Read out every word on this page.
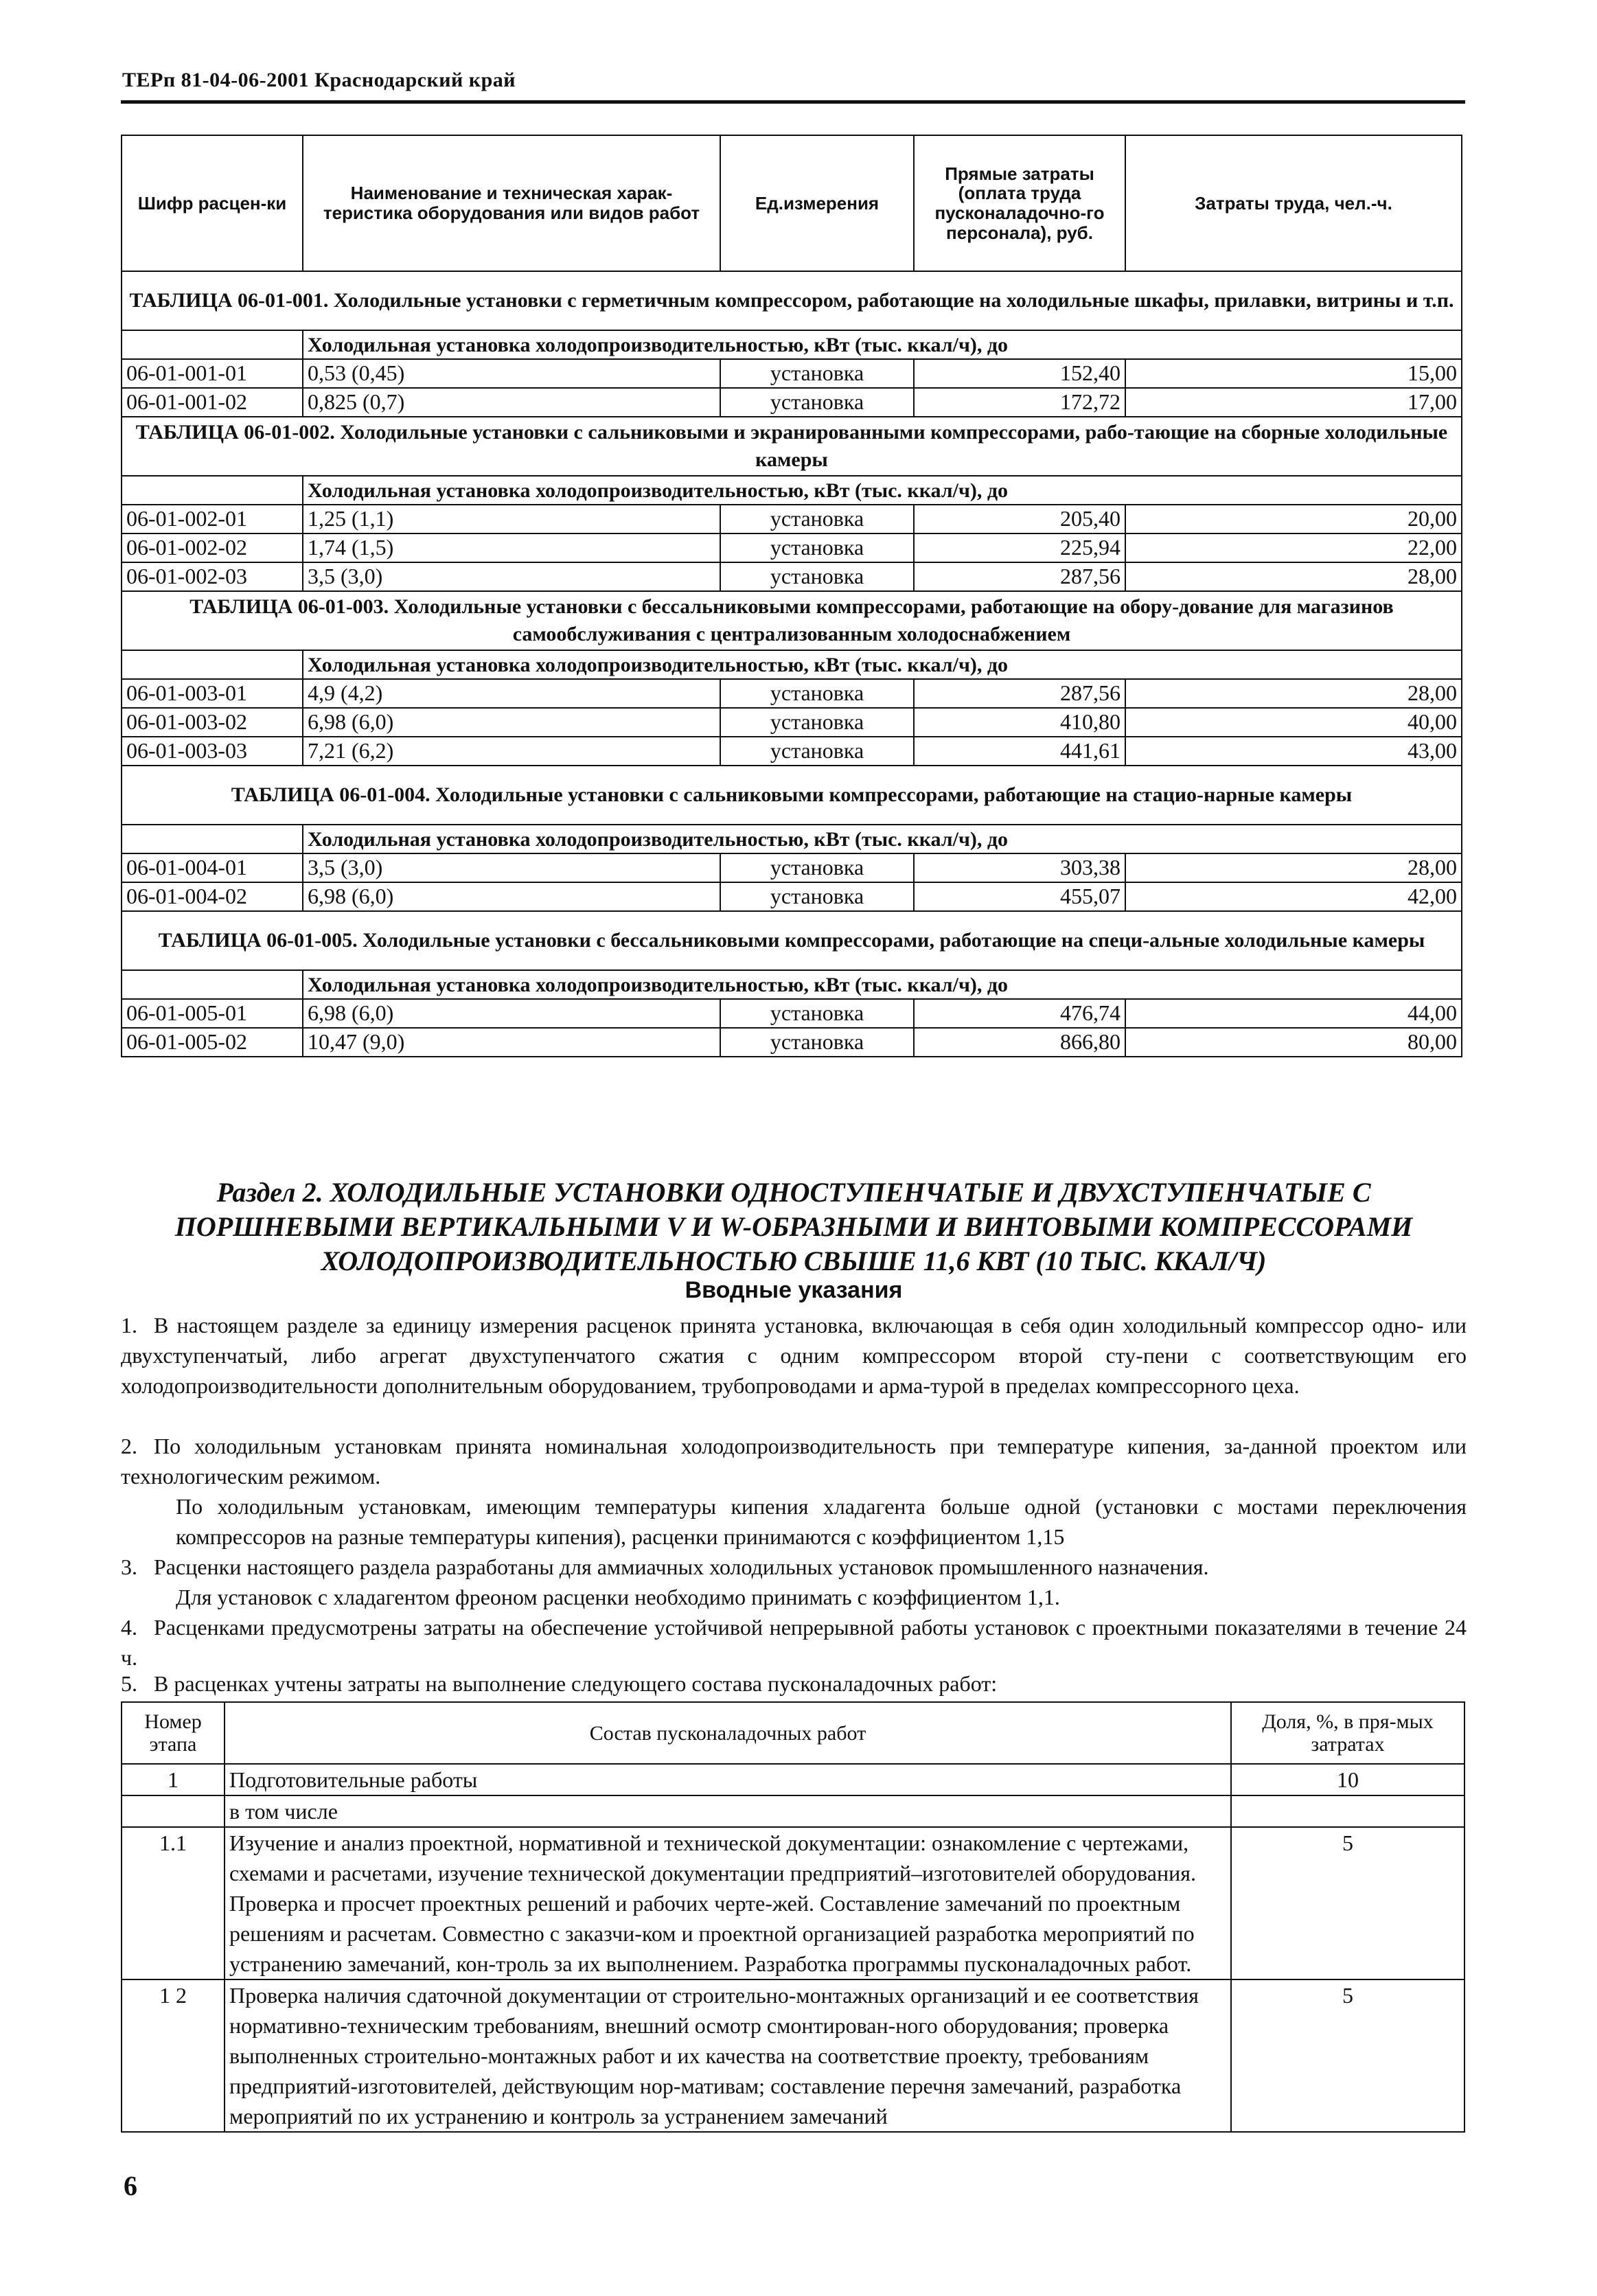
ТЕРп 81-04-06-2001 Краснодарский край
Шифр расцен-ки	Наименование и техническая харак-теристика оборудования или видов работ	Ед.измерения	Прямые затраты (оплата труда пусконаладочно-го персонала), руб.	Затраты труда, чел.-ч.
ТАБЛИЦА 06-01-001. Холодильные установки с герметичным компрессором, работающие на холодильные шкафы, прилавки, витрины и т.п.				
	Холодильная установка холодопроизводительностью, кВт (тыс. ккал/ч), до			
06-01-001-01	0,53 (0,45)	установка	152,40	15,00
06-01-001-02	0,825 (0,7)	установка	172,72	17,00
ТАБЛИЦА 06-01-002. Холодильные установки с сальниковыми и экранированными компрессорами, рабо-тающие на сборные холодильные камеры				
	Холодильная установка холодопроизводительностью, кВт (тыс. ккал/ч), до			
06-01-002-01	1,25 (1,1)	установка	205,40	20,00
06-01-002-02	1,74 (1,5)	установка	225,94	22,00
06-01-002-03	3,5 (3,0)	установка	287,56	28,00
ТАБЛИЦА 06-01-003. Холодильные установки с бессальниковыми компрессорами, работающие на обору-дование для магазинов самообслуживания с централизованным холодоснабжением				
	Холодильная установка холодопроизводительностью, кВт (тыс. ккал/ч), до			
06-01-003-01	4,9 (4,2)	установка	287,56	28,00
06-01-003-02	6,98 (6,0)	установка	410,80	40,00
06-01-003-03	7,21 (6,2)	установка	441,61	43,00
ТАБЛИЦА 06-01-004. Холодильные установки с сальниковыми компрессорами, работающие на стацио-нарные камеры				
	Холодильная установка холодопроизводительностью, кВт (тыс. ккал/ч), до			
06-01-004-01	3,5 (3,0)	установка	303,38	28,00
06-01-004-02	6,98 (6,0)	установка	455,07	42,00
ТАБЛИЦА 06-01-005. Холодильные установки с бессальниковыми компрессорами, работающие на специ-альные холодильные камеры				
	Холодильная установка холодопроизводительностью, кВт (тыс. ккал/ч), до			
06-01-005-01	6,98 (6,0)	установка	476,74	44,00
06-01-005-02	10,47 (9,0)	установка	866,80	80,00
Раздел 2. ХОЛОДИЛЬНЫЕ УСТАНОВКИ ОДНОСТУПЕНЧАТЫЕ И ДВУХСТУПЕНЧАТЫЕ С ПОРШНЕВЫМИ ВЕРТИКАЛЬНЫМИ V И W-ОБРАЗНЫМИ И ВИНТОВЫМИ КОМПРЕССОРАМИ ХОЛОДОПРОИЗВОДИТЕЛЬНОСТЬЮ СВЫШЕ 11,6 КВТ (10 ТЫС. ККАЛ/Ч)
Вводные указания
1. В настоящем разделе за единицу измерения расценок принята установка, включающая в себя один холодильный компрессор одно- или двухступенчатый, либо агрегат двухступенчатого сжатия с одним компрессором второй сту-пени с соответствующим его холодопроизводительности дополнительным оборудованием, трубопроводами и арма-турой в пределах компрессорного цеха.
2. По холодильным установкам принята номинальная холодопроизводительность при температуре кипения, за-данной проектом или технологическим режимом.
По холодильным установкам, имеющим температуры кипения хладагента больше одной (установки с мостами переключения компрессоров на разные температуры кипения), расценки принимаются с коэффициентом 1,15
3. Расценки настоящего раздела разработаны для аммиачных холодильных установок промышленного назначения.
Для установок с хладагентом фреоном расценки необходимо принимать с коэффициентом 1,1.
4. Расценками предусмотрены затраты на обеспечение устойчивой непрерывной работы установок с проектными показателями в течение 24 ч.
5. В расценках учтены затраты на выполнение следующего состава пусконаладочных работ:
Номер этапа	Состав пусконаладочных работ	Доля, %, в пря-мых затратах
1	Подготовительные работы	10
	в том числе	
1.1	Изучение и анализ проектной, нормативной и технической документации: ознакомление с чертежами, схемами и расчетами, изучение технической документации предприятий–изготовителей оборудования. Проверка и просчет проектных решений и рабочих черте-жей. Составление замечаний по проектным решениям и расчетам. Совместно с заказчи-ком и проектной организацией разработка мероприятий по устранению замечаний, кон-троль за их выполнением. Разработка программы пусконаладочных работ.	5
1 2	Проверка наличия сдаточной документации от строительно-монтажных организаций и ее соответствия нормативно-техническим требованиям, внешний осмотр смонтирован-ного оборудования; проверка выполненных строительно-монтажных работ и их качества на соответствие проекту, требованиям предприятий-изготовителей, действующим нор-мативам; составление перечня замечаний, разработка мероприятий по их устранению и контроль за устранением замечаний	5
6
